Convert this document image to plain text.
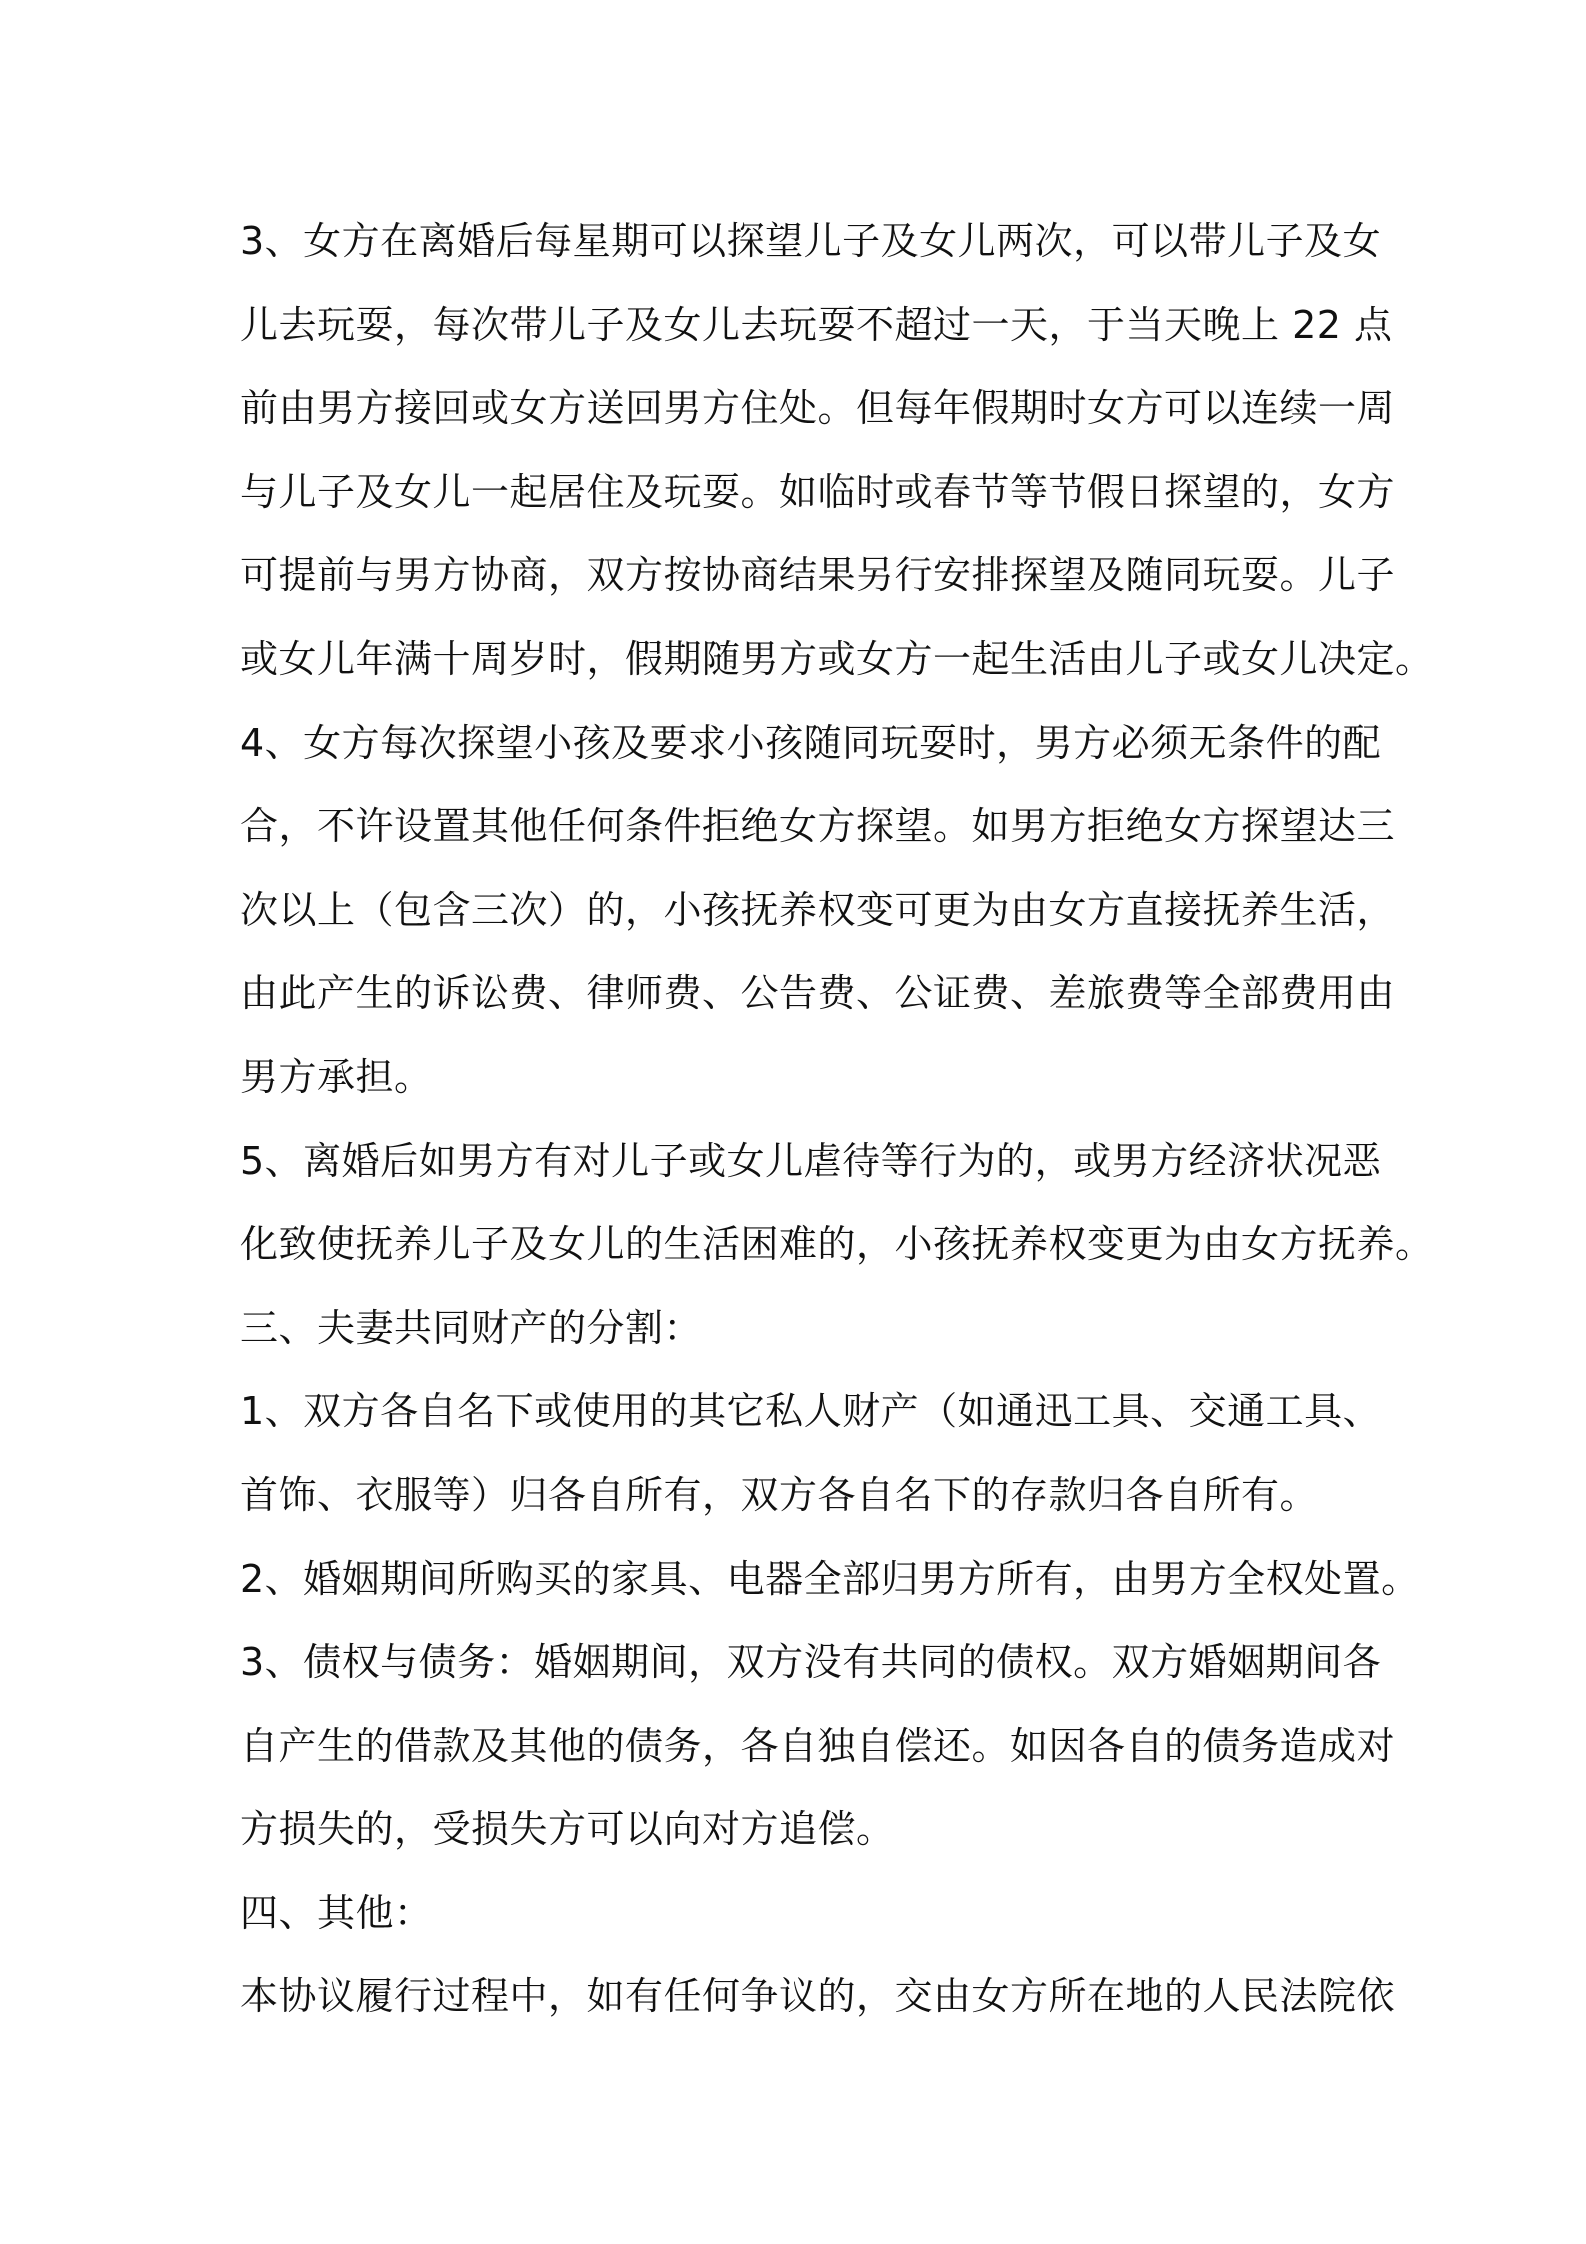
3、女方在离婚后每星期可以探望儿子及女儿两次，可以带儿子及女
儿去玩耍，每次带儿子及女儿去玩耍不超过一天，于当天晚上 22 点
前由男方接回或女方送回男方住处。但每年假期时女方可以连续一周
与儿子及女儿一起居住及玩耍。如临时或春节等节假日探望的，女方
可提前与男方协商，双方按协商结果另行安排探望及随同玩耍。儿子
或女儿年满十周岁时，假期随男方或女方一起生活由儿子或女儿决定。
4、女方每次探望小孩及要求小孩随同玩耍时，男方必须无条件的配
合，不许设置其他任何条件拒绝女方探望。如男方拒绝女方探望达三
次以上（包含三次）的，小孩抚养权变可更为由女方直接抚养生活，
由此产生的诉讼费、律师费、公告费、公证费、差旅费等全部费用由
男方承担。
5、离婚后如男方有对儿子或女儿虐待等行为的，或男方经济状况恶
化致使抚养儿子及女儿的生活困难的，小孩抚养权变更为由女方抚养。
三、夫妻共同财产的分割：
1、双方各自名下或使用的其它私人财产（如通迅工具、交通工具、
首饰、衣服等）归各自所有，双方各自名下的存款归各自所有。
2、婚姻期间所购买的家具、电器全部归男方所有，由男方全权处置。
3、债权与债务：婚姻期间，双方没有共同的债权。双方婚姻期间各
自产生的借款及其他的债务，各自独自偿还。如因各自的债务造成对
方损失的，受损失方可以向对方追偿。
四、其他：
本协议履行过程中，如有任何争议的，交由女方所在地的人民法院依
